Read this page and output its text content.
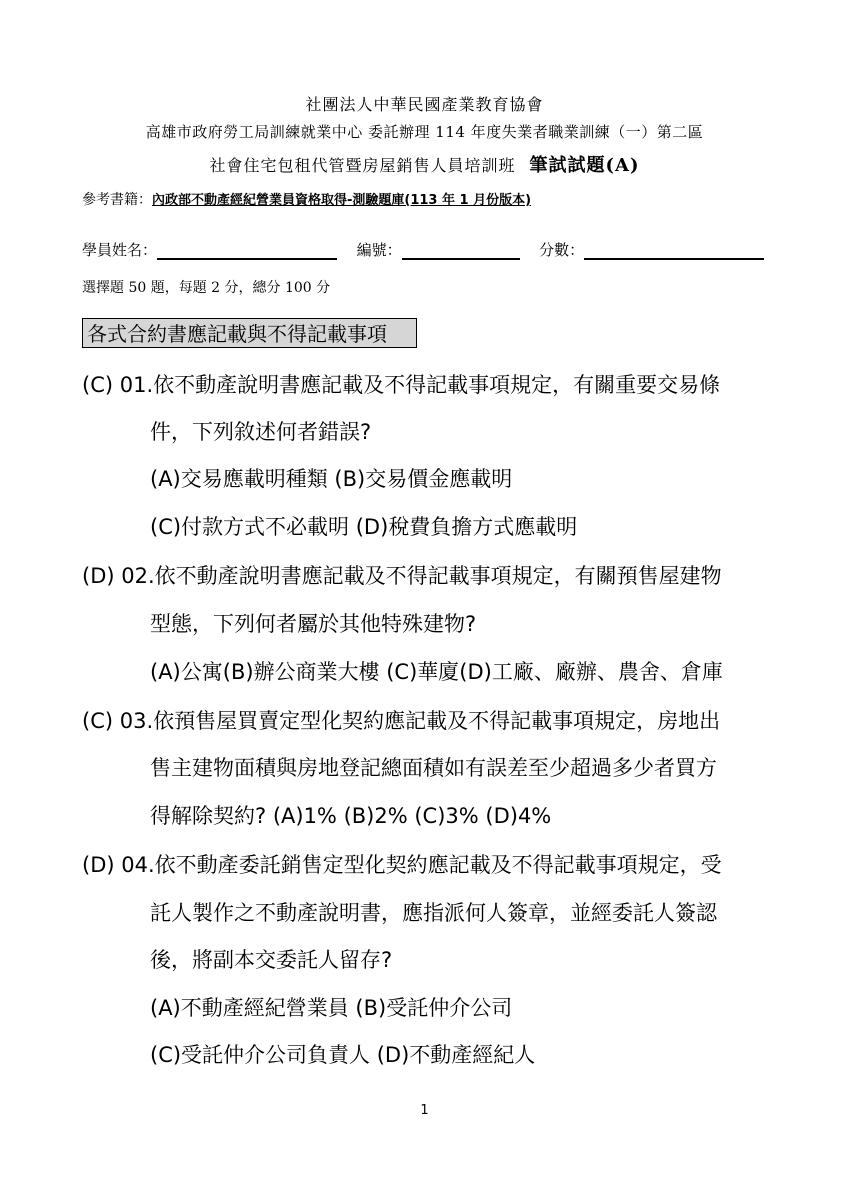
社團法人中華民國產業教育協會
高雄市政府勞工局訓練就業中心 委託辦理 114 年度失業者職業訓練（一）第二區
社會住宅包租代管暨房屋銷售人員培訓班 筆試試題(A)
參考書籍：內政部不動產經紀營業員資格取得-測驗題庫(113 年 1 月份版本)
學員姓名：	編號：	分數：
選擇題 50 題，每題 2 分，總分 100 分
各式合約書應記載與不得記載事項
(C) 01.依不動產說明書應記載及不得記載事項規定，有關重要交易條
件，下列敘述何者錯誤?
(A)交易應載明種類 (B)交易價金應載明
(C)付款方式不必載明 (D)稅費負擔方式應載明
(D) 02.依不動產說明書應記載及不得記載事項規定，有關預售屋建物
型態，下列何者屬於其他特殊建物?
(A)公寓(B)辦公商業大樓 (C)華廈(D)工廠、廠辦、農舍、倉庫
(C) 03.依預售屋買賣定型化契約應記載及不得記載事項規定，房地出
售主建物面積與房地登記總面積如有誤差至少超過多少者買方
得解除契約? (A)1% (B)2% (C)3% (D)4%
(D) 04.依不動產委託銷售定型化契約應記載及不得記載事項規定，受
託人製作之不動產說明書，應指派何人簽章，並經委託人簽認
後，將副本交委託人留存?
(A)不動產經紀營業員 (B)受託仲介公司
(C)受託仲介公司負責人 (D)不動產經紀人
1
